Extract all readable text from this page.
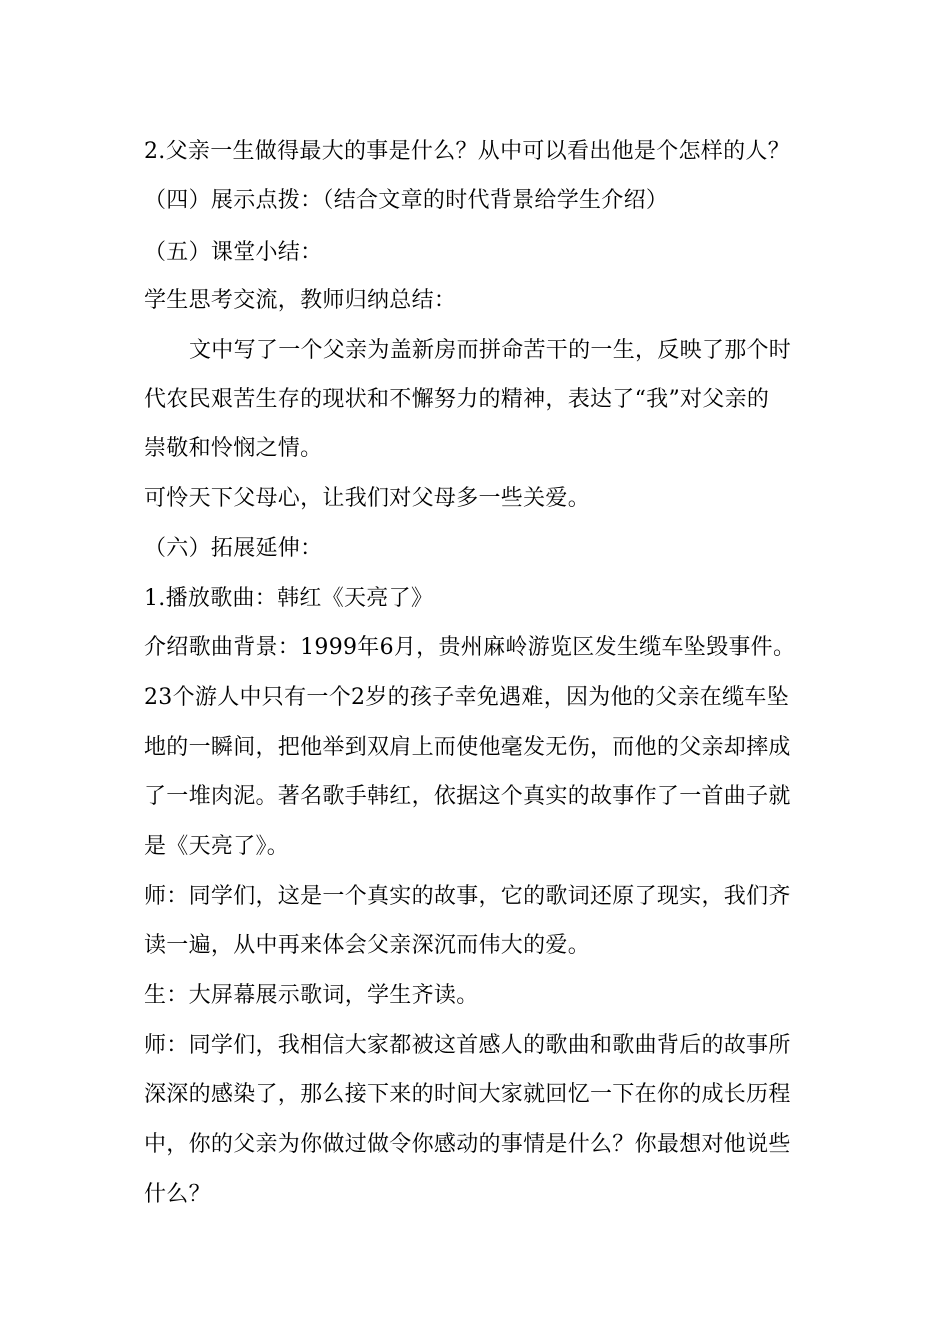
2.父亲一生做得最大的事是什么？从中可以看出他是个怎样的人？
（四）展示点拨：（结合文章的时代背景给学生介绍）
（五）课堂小结：
学生思考交流，教师归纳总结：
文中写了一个父亲为盖新房而拼命苦干的一生，反映了那个时
代农民艰苦生存的现状和不懈努力的精神，表达了“我”对父亲的
崇敬和怜悯之情。
可怜天下父母心，让我们对父母多一些关爱。
（六）拓展延伸：
1.播放歌曲：韩红《天亮了》
介绍歌曲背景：1999年6月，贵州麻岭游览区发生缆车坠毁事件。
23个游人中只有一个2岁的孩子幸免遇难，因为他的父亲在缆车坠
地的一瞬间，把他举到双肩上而使他毫发无伤，而他的父亲却摔成
了一堆肉泥。著名歌手韩红，依据这个真实的故事作了一首曲子就
是《天亮了》。
师：同学们，这是一个真实的故事，它的歌词还原了现实，我们齐
读一遍，从中再来体会父亲深沉而伟大的爱。
生：大屏幕展示歌词，学生齐读。
师：同学们，我相信大家都被这首感人的歌曲和歌曲背后的故事所
深深的感染了，那么接下来的时间大家就回忆一下在你的成长历程
中，你的父亲为你做过做令你感动的事情是什么？你最想对他说些
什么？
